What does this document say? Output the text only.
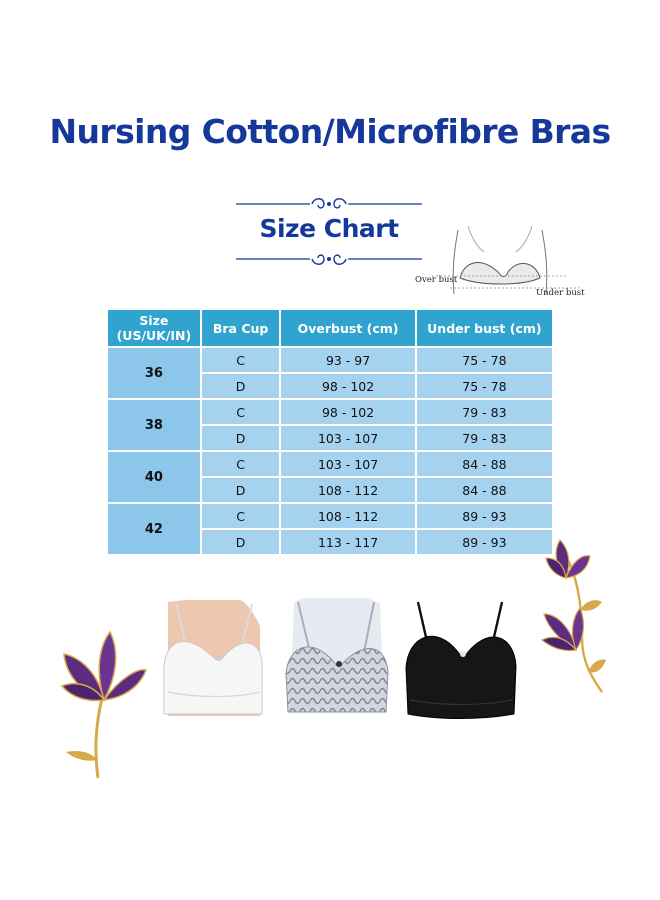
Nursing Cotton/Microfibre Bras
Size Chart
Over bust
Under bust
Size
(US/UK/IN)	Bra Cup	Overbust (cm)	Under bust (cm)
36	C	93 - 97	75 - 78
	D	98 - 102	75 - 78
38	C	98 - 102	79 - 83
	D	103 - 107	79 - 83
40	C	103 - 107	84 - 88
	D	108 - 112	84 - 88
42	C	108 - 112	89 - 93
	D	113 - 117	89 - 93
